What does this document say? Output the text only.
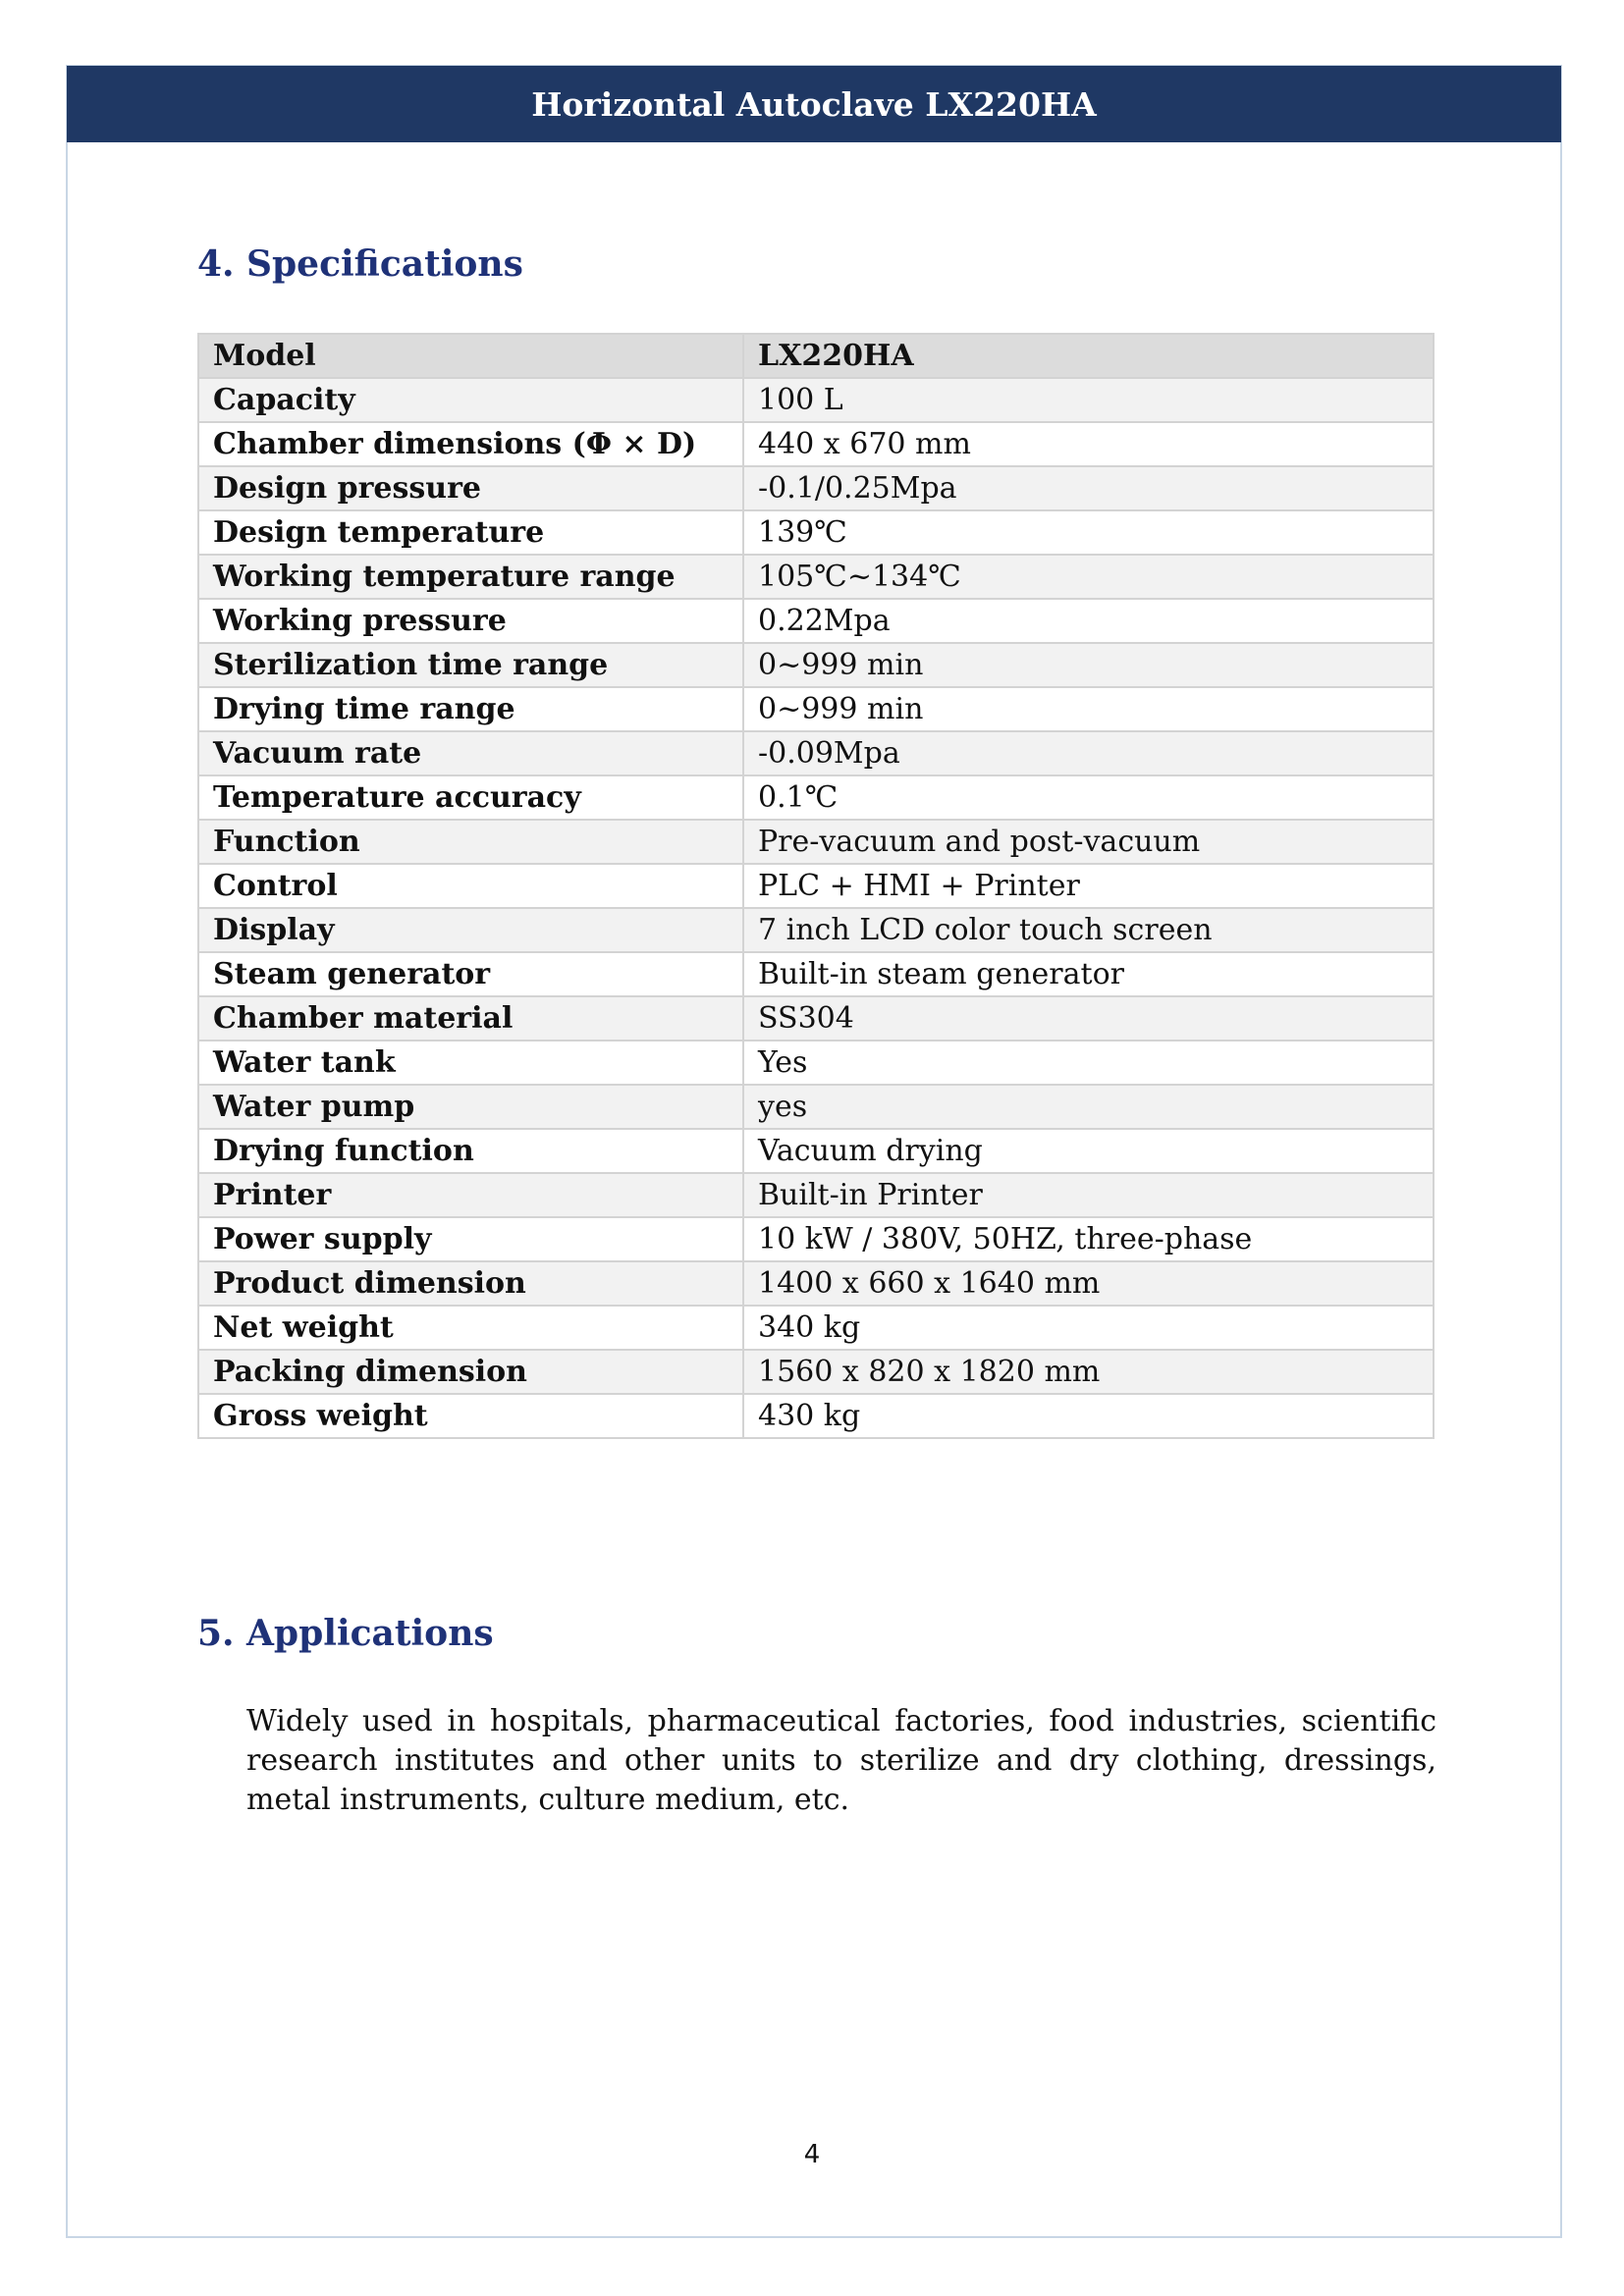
Horizontal Autoclave LX220HA
4. Specifications
Model	LX220HA
Capacity	100 L
Chamber dimensions (Φ × D)	440 x 670 mm
Design pressure	-0.1/0.25Mpa
Design temperature	139℃
Working temperature range	105℃~134℃
Working pressure	0.22Mpa
Sterilization time range	0~999 min
Drying time range	0~999 min
Vacuum rate	-0.09Mpa
Temperature accuracy	0.1℃
Function	Pre-vacuum and post-vacuum
Control	PLC + HMI + Printer
Display	7 inch LCD color touch screen
Steam generator	Built-in steam generator
Chamber material	SS304
Water tank	Yes
Water pump	yes
Drying function	Vacuum drying
Printer	Built-in Printer
Power supply	10 kW / 380V, 50HZ, three-phase
Product dimension	1400 x 660 x 1640 mm
Net weight	340 kg
Packing dimension	1560 x 820 x 1820 mm
Gross weight	430 kg
5. Applications
Widely used in hospitals, pharmaceutical factories, food industries, scientific research institutes and other units to sterilize and dry clothing, dressings, metal instruments, culture medium, etc.
4
